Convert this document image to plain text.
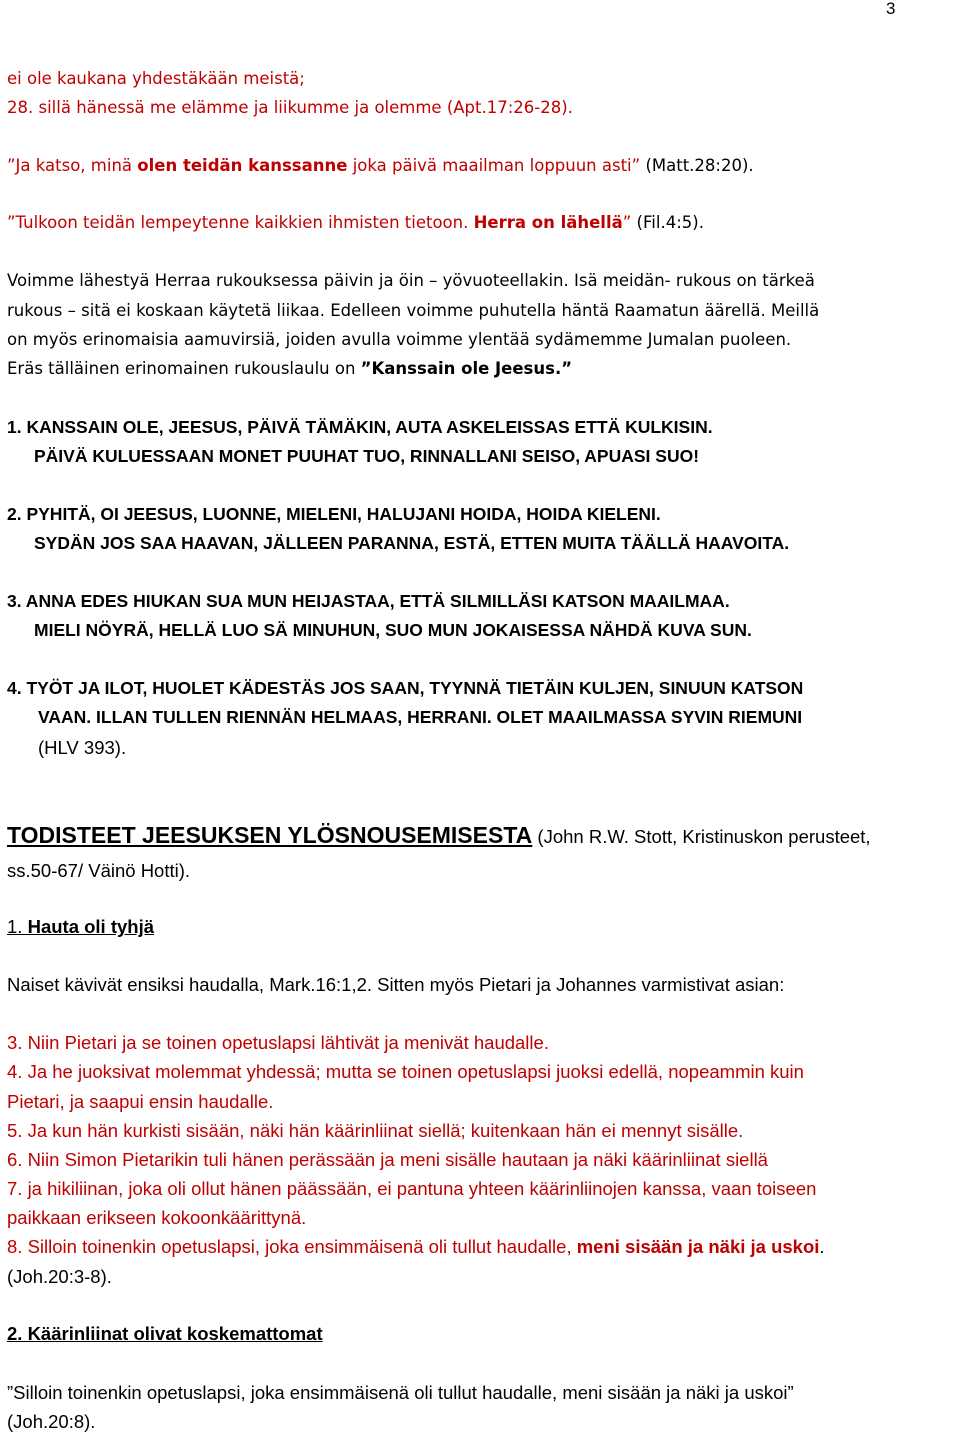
3
ei ole kaukana yhdestäkään meistä;
28. sillä hänessä me elämme ja liikumme ja olemme (Apt.17:26-28).
”Ja katso, minä olen teidän kanssanne joka päivä maailman loppuun asti” (Matt.28:20).
”Tulkoon teidän lempeytenne kaikkien ihmisten tietoon. Herra on lähellä” (Fil.4:5).
Voimme lähestyä Herraa rukouksessa päivin ja öin – yövuoteellakin. Isä meidän- rukous on tärkeä
rukous – sitä ei koskaan käytetä liikaa. Edelleen voimme puhutella häntä Raamatun äärellä. Meillä
on myös erinomaisia aamuvirsiä, joiden avulla voimme ylentää sydämemme Jumalan puoleen.
Eräs tälläinen erinomainen rukouslaulu on ”Kanssain ole Jeesus.”
1. KANSSAIN OLE, JEESUS, PÄIVÄ TÄMÄKIN, AUTA ASKELEISSAS ETTÄ KULKISIN.
PÄIVÄ KULUESSAAN MONET PUUHAT TUO, RINNALLANI SEISO, APUASI SUO!
2. PYHITÄ, OI JEESUS, LUONNE, MIELENI, HALUJANI HOIDA, HOIDA KIELENI.
SYDÄN JOS SAA HAAVAN, JÄLLEEN PARANNA, ESTÄ, ETTEN MUITA TÄÄLLÄ HAAVOITA.
3. ANNA EDES HIUKAN SUA MUN HEIJASTAA, ETTÄ SILMILLÄSI KATSON MAAILMAA.
MIELI NÖYRÄ, HELLÄ LUO SÄ MINUHUN, SUO MUN JOKAISESSA NÄHDÄ KUVA SUN.
4. TYÖT JA ILOT, HUOLET KÄDESTÄS JOS SAAN, TYYNNÄ TIETÄIN KULJEN, SINUUN KATSON
VAAN. ILLAN TULLEN RIENNÄN HELMAAS, HERRANI. OLET MAAILMASSA SYVIN RIEMUNI
(HLV 393).
TODISTEET JEESUKSEN YLÖSNOUSEMISESTA (John R.W. Stott, Kristinuskon perusteet,
ss.50-67/ Väinö Hotti).
1. Hauta oli tyhjä
Naiset kävivät ensiksi haudalla, Mark.16:1,2. Sitten myös Pietari ja Johannes varmistivat asian:
3. Niin Pietari ja se toinen opetuslapsi lähtivät ja menivät haudalle.
4. Ja he juoksivat molemmat yhdessä; mutta se toinen opetuslapsi juoksi edellä, nopeammin kuin
Pietari, ja saapui ensin haudalle.
5. Ja kun hän kurkisti sisään, näki hän käärinliinat siellä; kuitenkaan hän ei mennyt sisälle.
6. Niin Simon Pietarikin tuli hänen perässään ja meni sisälle hautaan ja näki käärinliinat siellä
7. ja hikiliinan, joka oli ollut hänen päässään, ei pantuna yhteen käärinliinojen kanssa, vaan toiseen
paikkaan erikseen kokoonkäärittynä.
8. Silloin toinenkin opetuslapsi, joka ensimmäisenä oli tullut haudalle, meni sisään ja näki ja uskoi.
(Joh.20:3-8).
2. Käärinliinat olivat koskemattomat
”Silloin toinenkin opetuslapsi, joka ensimmäisenä oli tullut haudalle, meni sisään ja näki ja uskoi”
(Joh.20:8).
